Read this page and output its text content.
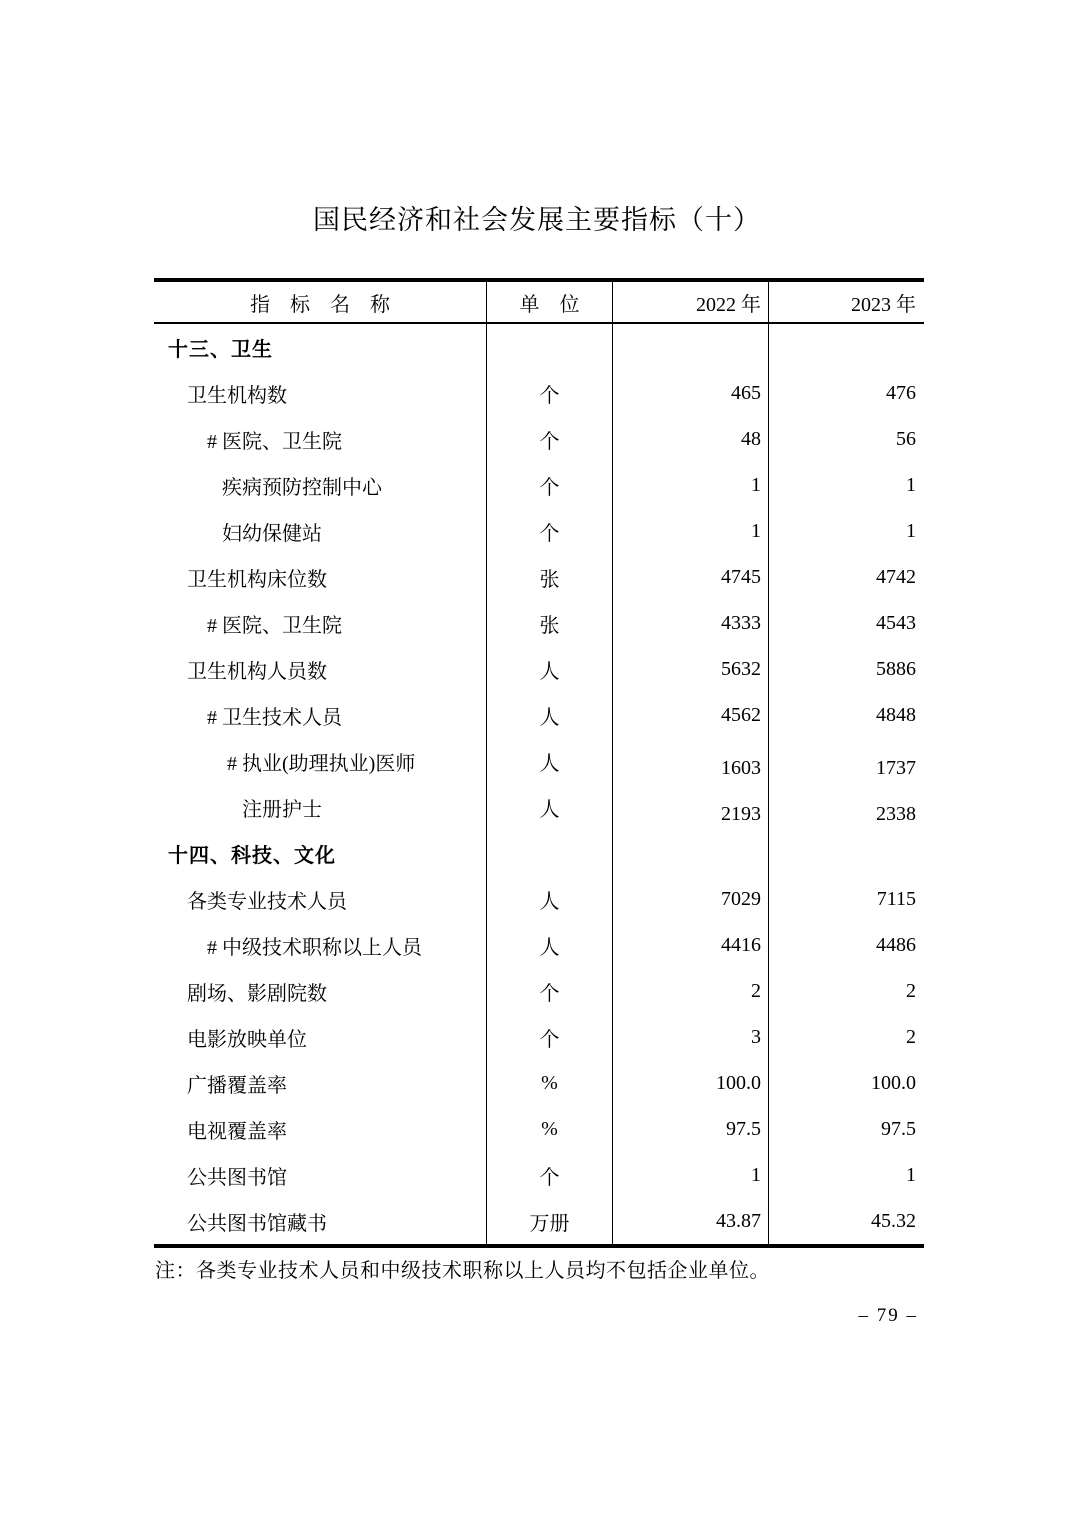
国民经济和社会发展主要指标（十）
指　标　名　称	单　位	2022 年	2023 年
十三、卫生
卫生机构数	个	465	476
# 医院、卫生院	个	48	56
疾病预防控制中心	个	1	1
妇幼保健站	个	1	1
卫生机构床位数	张	4745	4742
# 医院、卫生院	张	4333	4543
卫生机构人员数	人	5632	5886
# 卫生技术人员	人	4562	4848
# 执业(助理执业)医师	人	1603	1737
注册护士	人	2193	2338
十四、科技、文化
各类专业技术人员	人	7029	7115
# 中级技术职称以上人员	人	4416	4486
剧场、影剧院数	个	2	2
电影放映单位	个	3	2
广播覆盖率	%	100.0	100.0
电视覆盖率	%	97.5	97.5
公共图书馆	个	1	1
公共图书馆藏书	万册	43.87	45.32
注：各类专业技术人员和中级技术职称以上人员均不包括企业单位。
– 79 –
